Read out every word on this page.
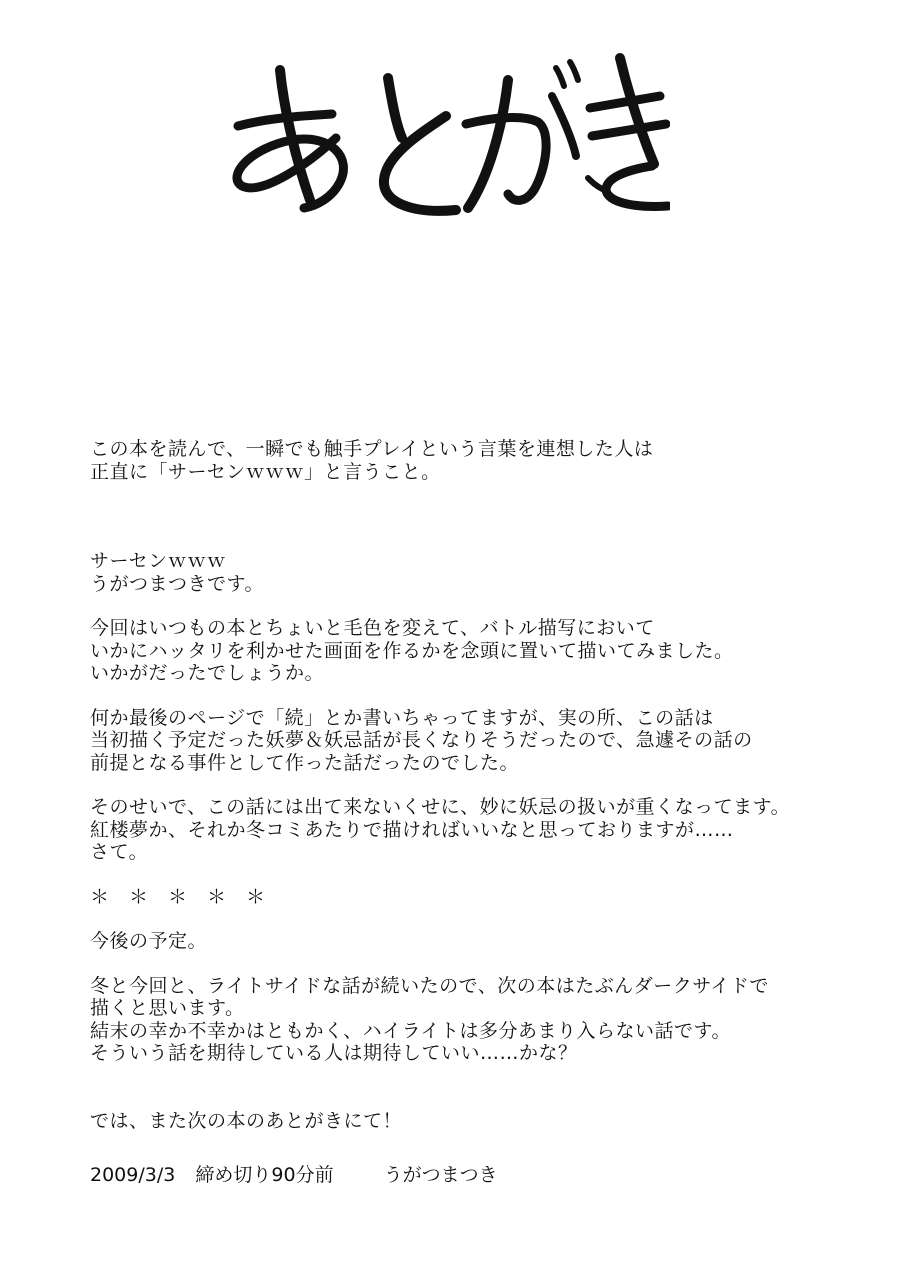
この本を読んで、一瞬でも触手プレイという言葉を連想した人は
正直に「サーセンｗｗｗ」と言うこと。
サーセンｗｗｗ
うがつまつきです。
今回はいつもの本とちょいと毛色を変えて、バトル描写において
いかにハッタリを利かせた画面を作るかを念頭に置いて描いてみました。
いかがだったでしょうか。
何か最後のページで「続」とか書いちゃってますが、実の所、この話は
当初描く予定だった妖夢＆妖忌話が長くなりそうだったので、急遽その話の
前提となる事件として作った話だったのでした。
そのせいで、この話には出て来ないくせに、妙に妖忌の扱いが重くなってます。
紅楼夢か、それか冬コミあたりで描ければいいなと思っておりますが……
さて。
＊　＊　＊　＊　＊
今後の予定。
冬と今回と、ライトサイドな話が続いたので、次の本はたぶんダークサイドで
描くと思います。
結末の幸か不幸かはともかく、ハイライトは多分あまり入らない話です。
そういう話を期待している人は期待していい……かな？
では、また次の本のあとがきにて！
2009/3/3 締め切り90分前	うがつまつき
